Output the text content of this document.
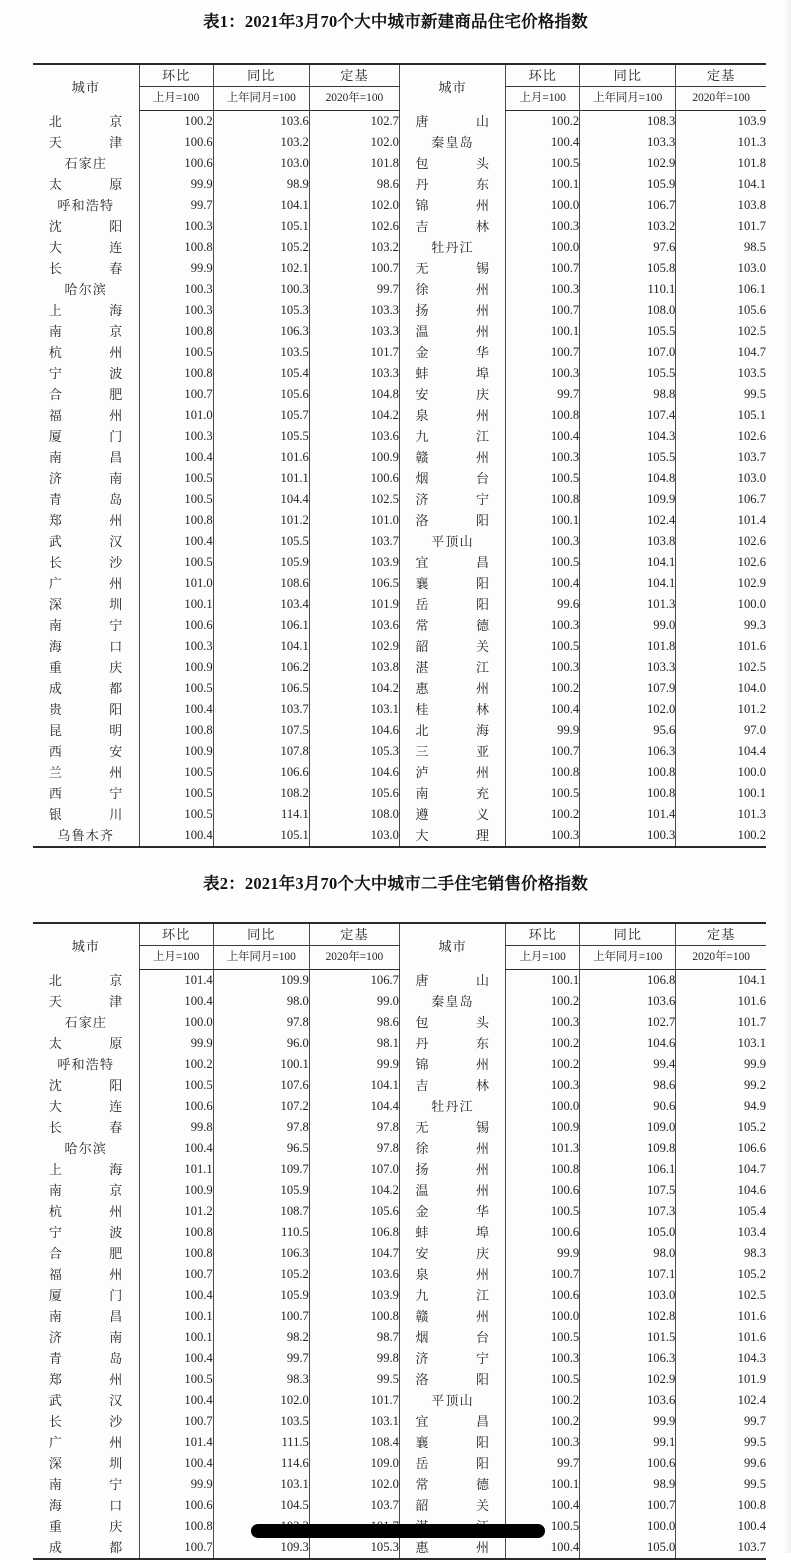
表1：2021年3月70个大中城市新建商品住宅价格指数
城市	环比	同比	定基	城市	环比	同比	定基
	上月=100	上年同月=100	2020年=100		上月=100	上年同月=100	2020年=100

北 京	100.2	103.6	102.7	唐 山	100.2	108.3	103.9

天 津	100.6	103.2	102.0	秦皇岛	100.4	103.3	101.3

石家庄	100.6	103.0	101.8	包 头	100.5	102.9	101.8

太 原	99.9	98.9	98.6	丹 东	100.1	105.9	104.1

呼和浩特	99.7	104.1	102.0	锦 州	100.0	106.7	103.8

沈 阳	100.3	105.1	102.6	吉 林	100.3	103.2	101.7

大 连	100.8	105.2	103.2	牡丹江	100.0	97.6	98.5

长 春	99.9	102.1	100.7	无 锡	100.7	105.8	103.0

哈尔滨	100.3	100.3	99.7	徐 州	100.3	110.1	106.1

上 海	100.3	105.3	103.3	扬 州	100.7	108.0	105.6

南 京	100.8	106.3	103.3	温 州	100.1	105.5	102.5

杭 州	100.5	103.5	101.7	金 华	100.7	107.0	104.7

宁 波	100.8	105.4	103.3	蚌 埠	100.3	105.5	103.5

合 肥	100.7	105.6	104.8	安 庆	99.7	98.8	99.5

福 州	101.0	105.7	104.2	泉 州	100.8	107.4	105.1

厦 门	100.3	105.5	103.6	九 江	100.4	104.3	102.6

南 昌	100.4	101.6	100.9	赣 州	100.3	105.5	103.7

济 南	100.5	101.1	100.6	烟 台	100.5	104.8	103.0

青 岛	100.5	104.4	102.5	济 宁	100.8	109.9	106.7

郑 州	100.8	101.2	101.0	洛 阳	100.1	102.4	101.4

武 汉	100.4	105.5	103.7	平顶山	100.3	103.8	102.6

长 沙	100.5	105.9	103.9	宜 昌	100.5	104.1	102.6

广 州	101.0	108.6	106.5	襄 阳	100.4	104.1	102.9

深 圳	100.1	103.4	101.9	岳 阳	99.6	101.3	100.0

南 宁	100.6	106.1	103.6	常 德	100.3	99.0	99.3

海 口	100.3	104.1	102.9	韶 关	100.5	101.8	101.6

重 庆	100.9	106.2	103.8	湛 江	100.3	103.3	102.5

成 都	100.5	106.5	104.2	惠 州	100.2	107.9	104.0

贵 阳	100.4	103.7	103.1	桂 林	100.4	102.0	101.2

昆 明	100.8	107.5	104.6	北 海	99.9	95.6	97.0

西 安	100.9	107.8	105.3	三 亚	100.7	106.3	104.4

兰 州	100.5	106.6	104.6	泸 州	100.8	100.8	100.0

西 宁	100.5	108.2	105.6	南 充	100.5	100.8	100.1

银 川	100.5	114.1	108.0	遵 义	100.2	101.4	101.3

乌鲁木齐	100.4	105.1	103.0	大 理	100.3	100.3	100.2
表2：2021年3月70个大中城市二手住宅销售价格指数
城市	环比	同比	定基	城市	环比	同比	定基
	上月=100	上年同月=100	2020年=100		上月=100	上年同月=100	2020年=100

北 京	101.4	109.9	106.7	唐 山	100.1	106.8	104.1

天 津	100.4	98.0	99.0	秦皇岛	100.2	103.6	101.6

石家庄	100.0	97.8	98.6	包 头	100.3	102.7	101.7

太 原	99.9	96.0	98.1	丹 东	100.2	104.6	103.1

呼和浩特	100.2	100.1	99.9	锦 州	100.2	99.4	99.9

沈 阳	100.5	107.6	104.1	吉 林	100.3	98.6	99.2

大 连	100.6	107.2	104.4	牡丹江	100.0	90.6	94.9

长 春	99.8	97.8	97.8	无 锡	100.9	109.0	105.2

哈尔滨	100.4	96.5	97.8	徐 州	101.3	109.8	106.6

上 海	101.1	109.7	107.0	扬 州	100.8	106.1	104.7

南 京	100.9	105.9	104.2	温 州	100.6	107.5	104.6

杭 州	101.2	108.7	105.6	金 华	100.5	107.3	105.4

宁 波	100.8	110.5	106.8	蚌 埠	100.6	105.0	103.4

合 肥	100.8	106.3	104.7	安 庆	99.9	98.0	98.3

福 州	100.7	105.2	103.6	泉 州	100.7	107.1	105.2

厦 门	100.4	105.9	103.9	九 江	100.6	103.0	102.5

南 昌	100.1	100.7	100.8	赣 州	100.0	102.8	101.6

济 南	100.1	98.2	98.7	烟 台	100.5	101.5	101.6

青 岛	100.4	99.7	99.8	济 宁	100.3	106.3	104.3

郑 州	100.5	98.3	99.5	洛 阳	100.5	102.9	101.9

武 汉	100.4	102.0	101.7	平顶山	100.2	103.6	102.4

长 沙	100.7	103.5	103.1	宜 昌	100.2	99.9	99.7

广 州	101.4	111.5	108.4	襄 阳	100.3	99.1	99.5

深 圳	100.4	114.6	109.0	岳 阳	99.7	100.6	99.6

南 宁	99.9	103.1	102.0	常 德	100.1	98.9	99.5

海 口	100.6	104.5	103.7	韶 关	100.4	100.7	100.8

重 庆	100.8				100.5	100.0	100.4

成 都	100.7	109.3	105.3	惠 州	100.4	105.0	103.7
